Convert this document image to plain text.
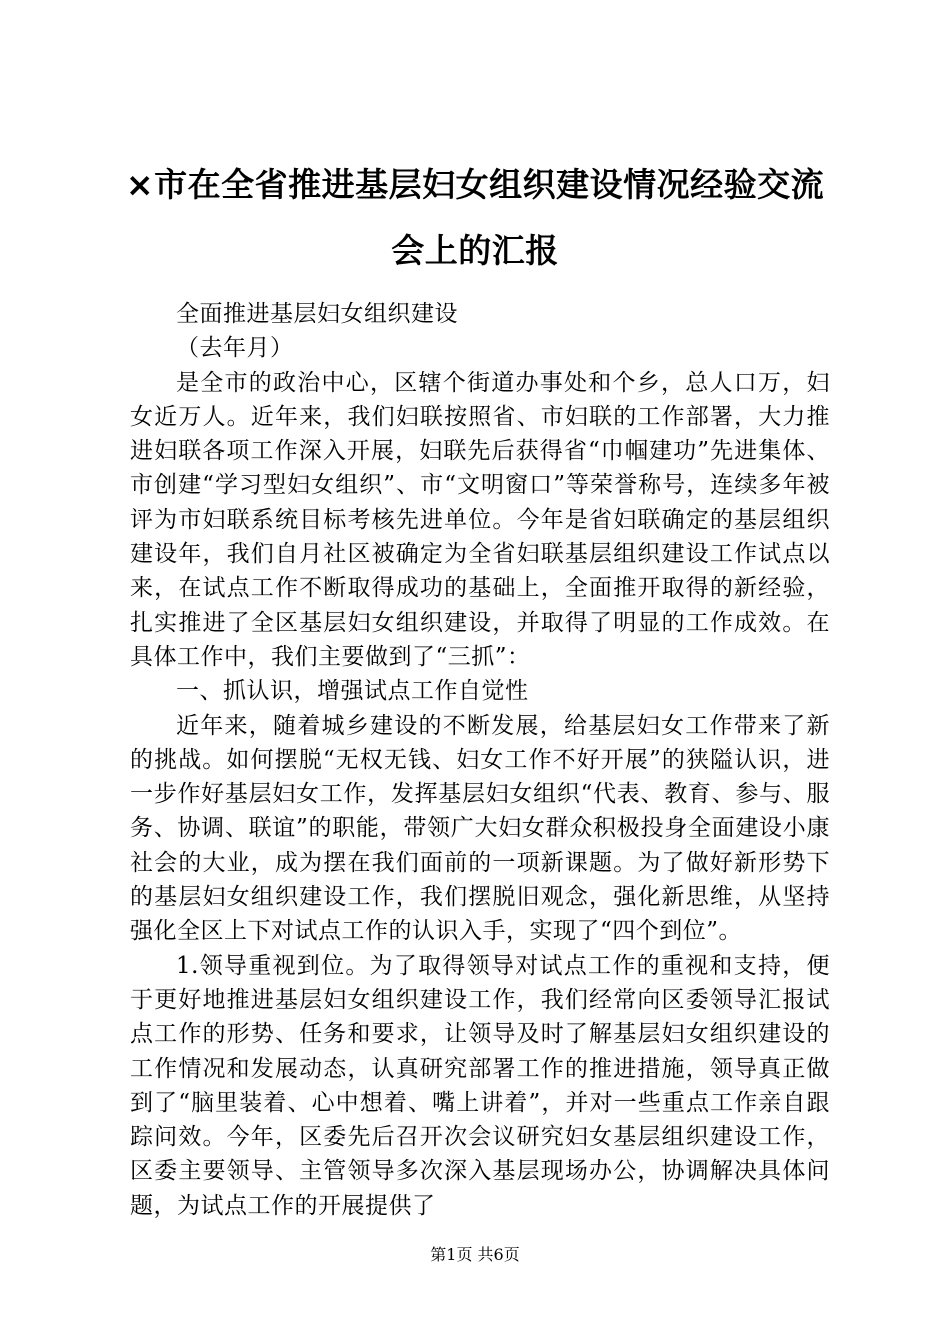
×市在全省推进基层妇女组织建设情况经验交流会上的汇报

全面推进基层妇女组织建设

（去年月）

是全市的政治中心，区辖个街道办事处和个乡，总人口万，妇女近万人。近年来，我们妇联按照省、市妇联的工作部署，大力推进妇联各项工作深入开展，妇联先后获得省“巾帼建功”先进集体、市创建“学习型妇女组织”、市“文明窗口”等荣誉称号，连续多年被评为市妇联系统目标考核先进单位。今年是省妇联确定的基层组织建设年，我们自月社区被确定为全省妇联基层组织建设工作试点以来，在试点工作不断取得成功的基础上，全面推开取得的新经验，扎实推进了全区基层妇女组织建设，并取得了明显的工作成效。在具体工作中，我们主要做到了“三抓”：

一、抓认识，增强试点工作自觉性

近年来，随着城乡建设的不断发展，给基层妇女工作带来了新的挑战。如何摆脱“无权无钱、妇女工作不好开展”的狭隘认识，进一步作好基层妇女工作，发挥基层妇女组织“代表、教育、参与、服务、协调、联谊”的职能，带领广大妇女群众积极投身全面建设小康社会的大业，成为摆在我们面前的一项新课题。为了做好新形势下的基层妇女组织建设工作，我们摆脱旧观念，强化新思维，从坚持强化全区上下对试点工作的认识入手，实现了“四个到位”。

1.领导重视到位。为了取得领导对试点工作的重视和支持，便于更好地推进基层妇女组织建设工作，我们经常向区委领导汇报试点工作的形势、任务和要求，让领导及时了解基层妇女组织建设的工作情况和发展动态，认真研究部署工作的推进措施，领导真正做到了“脑里装着、心中想着、嘴上讲着”，并对一些重点工作亲自跟踪问效。今年，区委先后召开次会议研究妇女基层组织建设工作，区委主要领导、主管领导多次深入基层现场办公，协调解决具体问题，为试点工作的开展提供了

第1页 共6页
